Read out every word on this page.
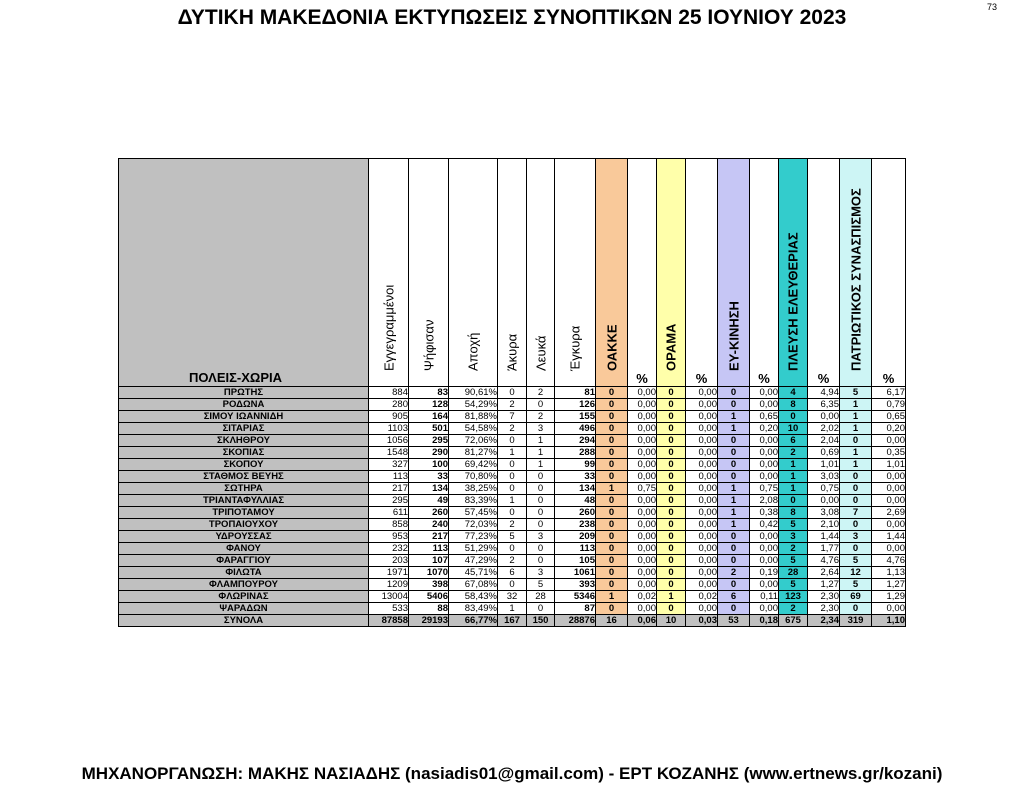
73
ΔΥΤΙΚΗ ΜΑΚΕΔΟΝΙΑ ΕΚΤΥΠΩΣΕΙΣ ΣΥΝΟΠΤΙΚΩΝ 25 ΙΟΥΝΙΟΥ 2023
ΠΟΛΕΙΣ-ΧΩΡΙΑ	Εγγεγραμμένοι	Ψήφισαν	Αποχή	Άκυρα	Λευκά	Έγκυρα	ΟΑΚΚΕ	%	ΟΡΑΜΑ	%	ΕΥ-ΚΙΝΗΣΗ	%	ΠΛΕΥΣΗ ΕΛΕΥΘΕΡΙΑΣ	%	ΠΑΤΡΙΩΤΙΚΟΣ ΣΥΝΑΣΠΙΣΜΟΣ	%

ΠΡΩΤΗΣ	884	83	90,61%	0	2	81	0	0,00	0	0,00	0	0,00	4	4,94	5	6,17
ΡΟΔΩΝΑ	280	128	54,29%	2	0	126	0	0,00	0	0,00	0	0,00	8	6,35	1	0,79
ΣΙΜΟΥ ΙΩΑΝΝΙΔΗ	905	164	81,88%	7	2	155	0	0,00	0	0,00	1	0,65	0	0,00	1	0,65
ΣΙΤΑΡΙΑΣ	1103	501	54,58%	2	3	496	0	0,00	0	0,00	1	0,20	10	2,02	1	0,20
ΣΚΛΗΘΡΟΥ	1056	295	72,06%	0	1	294	0	0,00	0	0,00	0	0,00	6	2,04	0	0,00
ΣΚΟΠΙΑΣ	1548	290	81,27%	1	1	288	0	0,00	0	0,00	0	0,00	2	0,69	1	0,35
ΣΚΟΠΟΥ	327	100	69,42%	0	1	99	0	0,00	0	0,00	0	0,00	1	1,01	1	1,01
ΣΤΑΘΜΟΣ ΒΕΥΗΣ	113	33	70,80%	0	0	33	0	0,00	0	0,00	0	0,00	1	3,03	0	0,00
ΣΩΤΗΡΑ	217	134	38,25%	0	0	134	1	0,75	0	0,00	1	0,75	1	0,75	0	0,00
ΤΡΙΑΝΤΑΦΥΛΛΙΑΣ	295	49	83,39%	1	0	48	0	0,00	0	0,00	1	2,08	0	0,00	0	0,00
ΤΡΙΠΟΤΑΜΟΥ	611	260	57,45%	0	0	260	0	0,00	0	0,00	1	0,38	8	3,08	7	2,69
ΤΡΟΠΑΙΟΥΧΟΥ	858	240	72,03%	2	0	238	0	0,00	0	0,00	1	0,42	5	2,10	0	0,00
ΥΔΡΟΥΣΣΑΣ	953	217	77,23%	5	3	209	0	0,00	0	0,00	0	0,00	3	1,44	3	1,44
ΦΑΝΟΥ	232	113	51,29%	0	0	113	0	0,00	0	0,00	0	0,00	2	1,77	0	0,00
ΦΑΡΑΓΓΙΟΥ	203	107	47,29%	2	0	105	0	0,00	0	0,00	0	0,00	5	4,76	5	4,76
ΦΙΛΩΤΑ	1971	1070	45,71%	6	3	1061	0	0,00	0	0,00	2	0,19	28	2,64	12	1,13
ΦΛΑΜΠΟΥΡΟΥ	1209	398	67,08%	0	5	393	0	0,00	0	0,00	0	0,00	5	1,27	5	1,27
ΦΛΩΡΙΝΑΣ	13004	5406	58,43%	32	28	5346	1	0,02	1	0,02	6	0,11	123	2,30	69	1,29
ΨΑΡΑΔΩΝ	533	88	83,49%	1	0	87	0	0,00	0	0,00	0	0,00	2	2,30	0	0,00
ΣΥΝΟΛΑ	87858	29193	66,77%	167	150	28876	16	0,06	10	0,03	53	0,18	675	2,34	319	1,10
ΜΗΧΑΝΟΡΓΑΝΩΣΗ: ΜΑΚΗΣ ΝΑΣΙΑΔΗΣ (nasiadis01@gmail.com) - ΕΡΤ ΚΟΖΑΝΗΣ (www.ertnews.gr/kozani)
